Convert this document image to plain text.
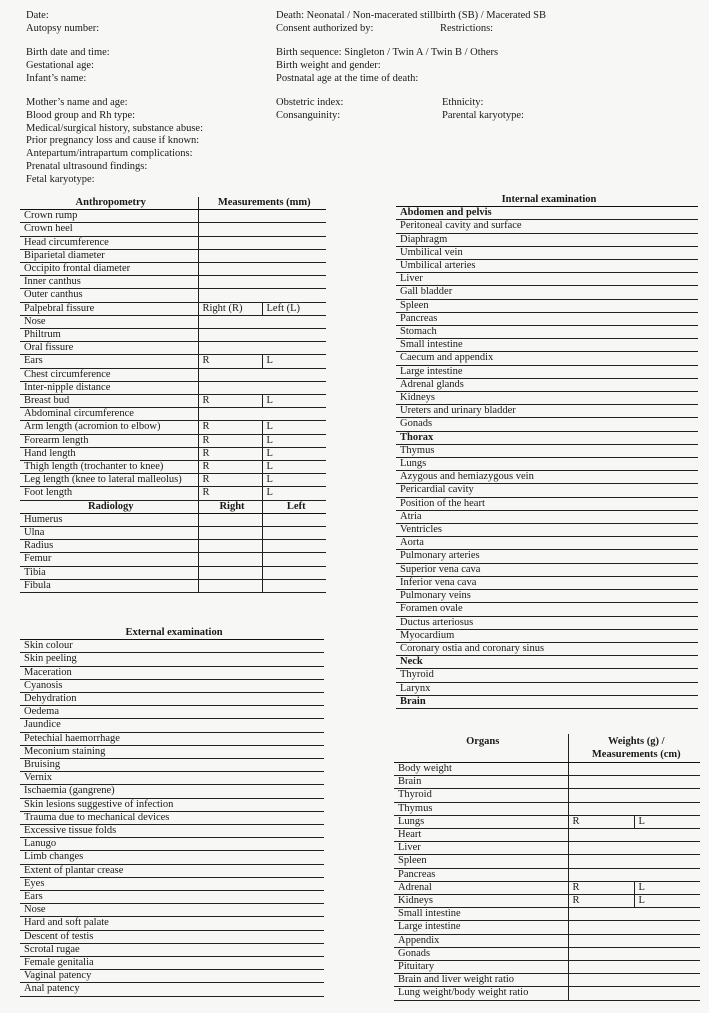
Date:
Autopsy number:
Death: Neonatal / Non-macerated stillbirth (SB) / Macerated SB
Consent authorized by:	Restrictions:
Birth date and time:
Gestational age:
Infant’s name:
Birth sequence: Singleton / Twin A / Twin B / Others
Birth weight and gender:
Postnatal age at the time of death:
Mother’s name and age:
Blood group and Rh type:
Medical/surgical history, substance abuse:
Prior pregnancy loss and cause if known:
Antepartum/intrapartum complications:
Prenatal ultrasound findings:
Fetal karyotype:
Obstetric index:
Consanguinity:
Ethnicity:
Parental karyotype:
Anthropometry	Measurements (mm)	
Crown rump		
Crown heel		
Head circumference		
Biparietal diameter		
Occipito frontal diameter		
Inner canthus		
Outer canthus		
Palpebral fissure	Right (R)	Left (L)
Nose		
Philtrum		
Oral fissure		
Ears	R	L
Chest circumference		
Inter-nipple distance		
Breast bud	R	L
Abdominal circumference		
Arm length (acromion to elbow)	R	L
Forearm length	R	L
Hand length	R	L
Thigh length (trochanter to knee)	R	L
Leg length (knee to lateral malleolus)	R	L
Foot length	R	L
Radiology	Right	Left
Humerus		
Ulna		
Radius		
Femur		
Tibia		
Fibula		
External examination
Skin colour
Skin peeling
Maceration
Cyanosis
Dehydration
Oedema
Jaundice
Petechial haemorrhage
Meconium staining
Bruising
Vernix
Ischaemia (gangrene)
Skin lesions suggestive of infection
Trauma due to mechanical devices
Excessive tissue folds
Lanugo
Limb changes
Extent of plantar crease
Eyes
Ears
Nose
Hard and soft palate
Descent of testis
Scrotal rugae
Female genitalia
Vaginal patency
Anal patency
Internal examination
Abdomen and pelvis
Peritoneal cavity and surface
Diaphragm
Umbilical vein
Umbilical arteries
Liver
Gall bladder
Spleen
Pancreas
Stomach
Small intestine
Caecum and appendix
Large intestine
Adrenal glands
Kidneys
Ureters and urinary bladder
Gonads
Thorax
Thymus
Lungs
Azygous and hemiazygous vein
Pericardial cavity
Position of the heart
Atria
Ventricles
Aorta
Pulmonary arteries
Superior vena cava
Inferior vena cava
Pulmonary veins
Foramen ovale
Ductus arteriosus
Myocardium
Coronary ostia and coronary sinus
Neck
Thyroid
Larynx
Brain
Organs	Weights (g) /
Measurements (cm)	

Body weight		
Brain		
Thyroid		
Thymus		
Lungs	R	L
Heart		
Liver		
Spleen		
Pancreas		
Adrenal	R	L
Kidneys	R	L
Small intestine		
Large intestine		
Appendix		
Gonads		
Pituitary		
Brain and liver weight ratio		
Lung weight/body weight ratio		
